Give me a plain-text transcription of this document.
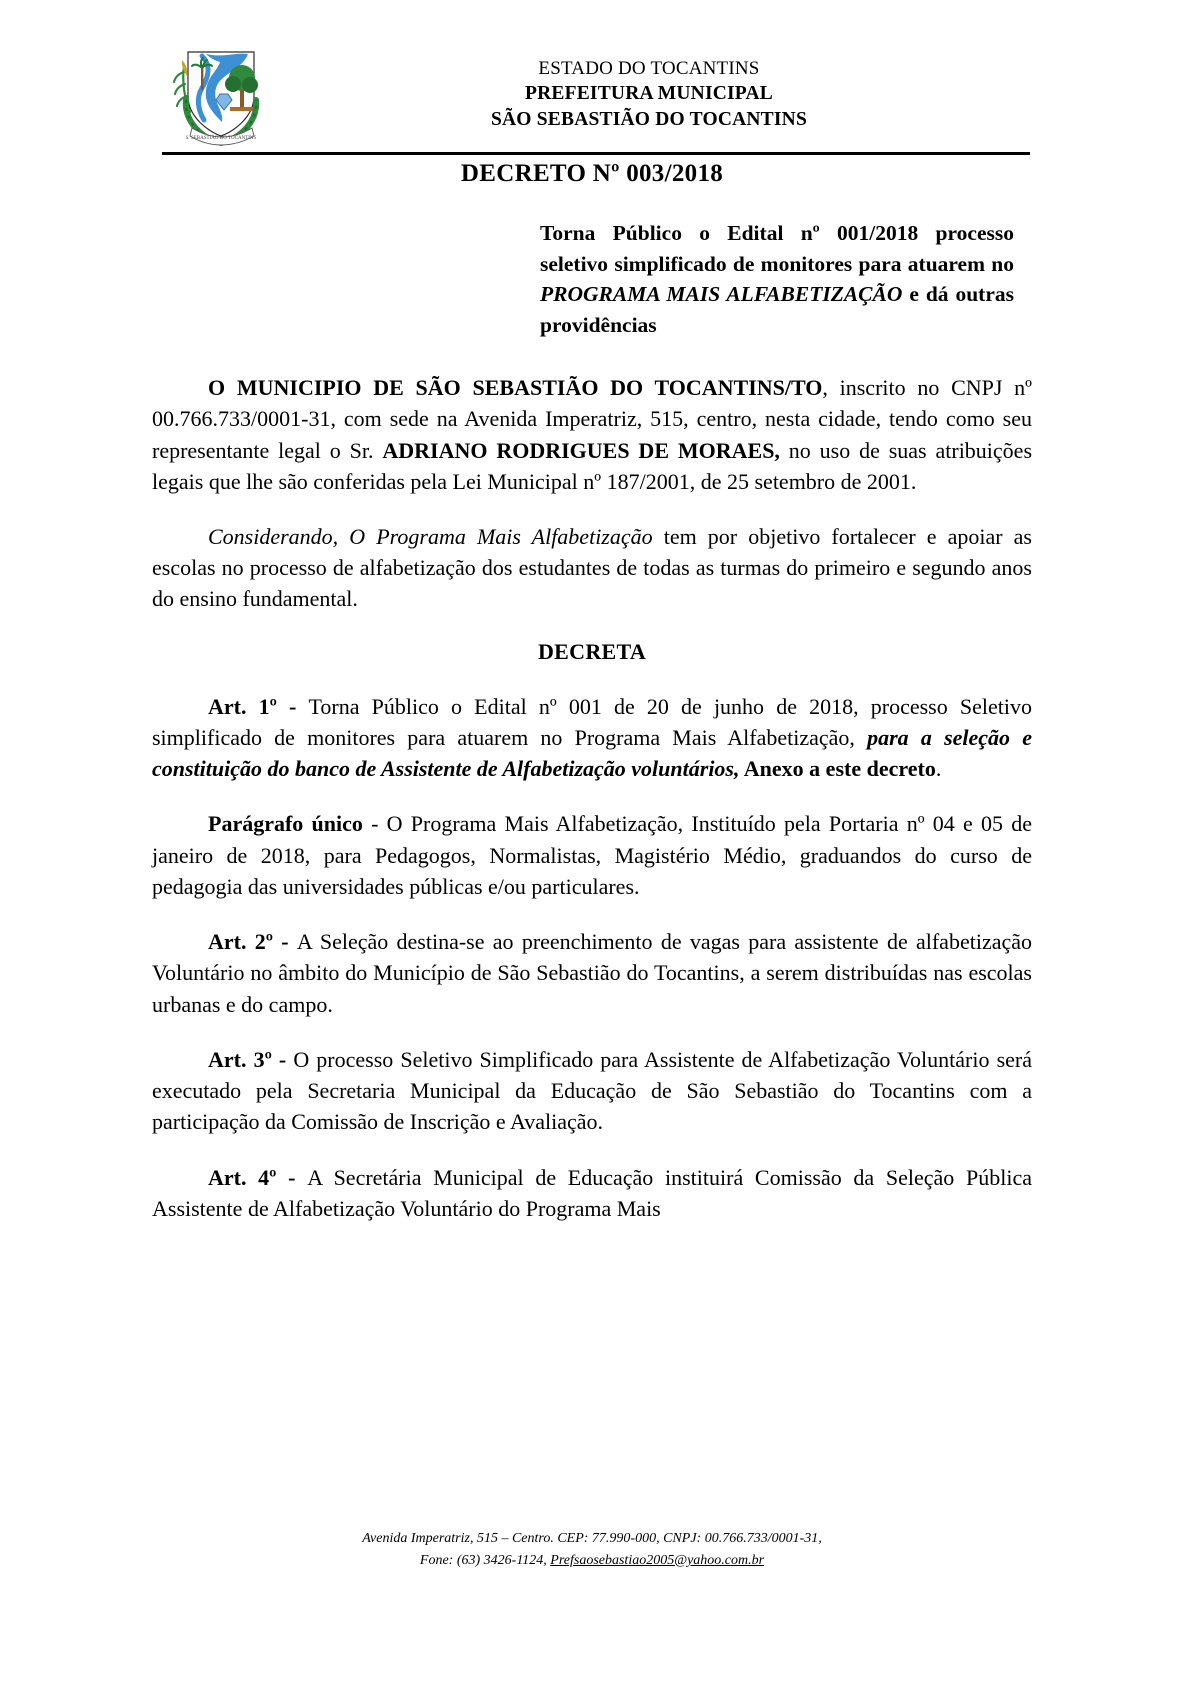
S. SEBASTIÃO DO TOCANTINS
ESTADO DO TOCANTINS
PREFEITURA MUNICIPAL
SÃO SEBASTIÃO DO TOCANTINS
DECRETO Nº 003/2018
Torna Público o Edital nº 001/2018 processo seletivo simplificado de monitores para atuarem no PROGRAMA MAIS ALFABETIZAÇÃO e dá outras providências

O MUNICIPIO DE SÃO SEBASTIÃO DO TOCANTINS/TO, inscrito no CNPJ nº 00.766.733/0001-31, com sede na Avenida Imperatriz, 515, centro, nesta cidade, tendo como seu representante legal o Sr. ADRIANO RODRIGUES DE MORAES, no uso de suas atribuições legais que lhe são conferidas pela Lei Municipal nº 187/2001, de 25 setembro de 2001.

Considerando, O Programa Mais Alfabetização tem por objetivo fortalecer e apoiar as escolas no processo de alfabetização dos estudantes de todas as turmas do primeiro e segundo anos do ensino fundamental.

DECRETA

Art. 1º - Torna Público o Edital nº 001 de 20 de junho de 2018, processo Seletivo simplificado de monitores para atuarem no Programa Mais Alfabetização, para a seleção e constituição do banco de Assistente de Alfabetização voluntários, Anexo a este decreto.

Parágrafo único - O Programa Mais Alfabetização, Instituído pela Portaria nº 04 e 05 de janeiro de 2018, para Pedagogos, Normalistas, Magistério Médio, graduandos do curso de pedagogia das universidades públicas e/ou particulares.

Art. 2º - A Seleção destina-se ao preenchimento de vagas para assistente de alfabetização Voluntário no âmbito do Município de São Sebastião do Tocantins, a serem distribuídas nas escolas urbanas e do campo.

Art. 3º - O processo Seletivo Simplificado para Assistente de Alfabetização Voluntário será executado pela Secretaria Municipal da Educação de São Sebastião do Tocantins com a participação da Comissão de Inscrição e Avaliação.

Art. 4º - A Secretária Municipal de Educação instituirá Comissão da Seleção Pública Assistente de Alfabetização Voluntário do Programa Mais

Avenida Imperatriz, 515 – Centro. CEP: 77.990-000, CNPJ: 00.766.733/0001-31,
Fone: (63) 3426-1124, Prefsaosebastiao2005@yahoo.com.br
